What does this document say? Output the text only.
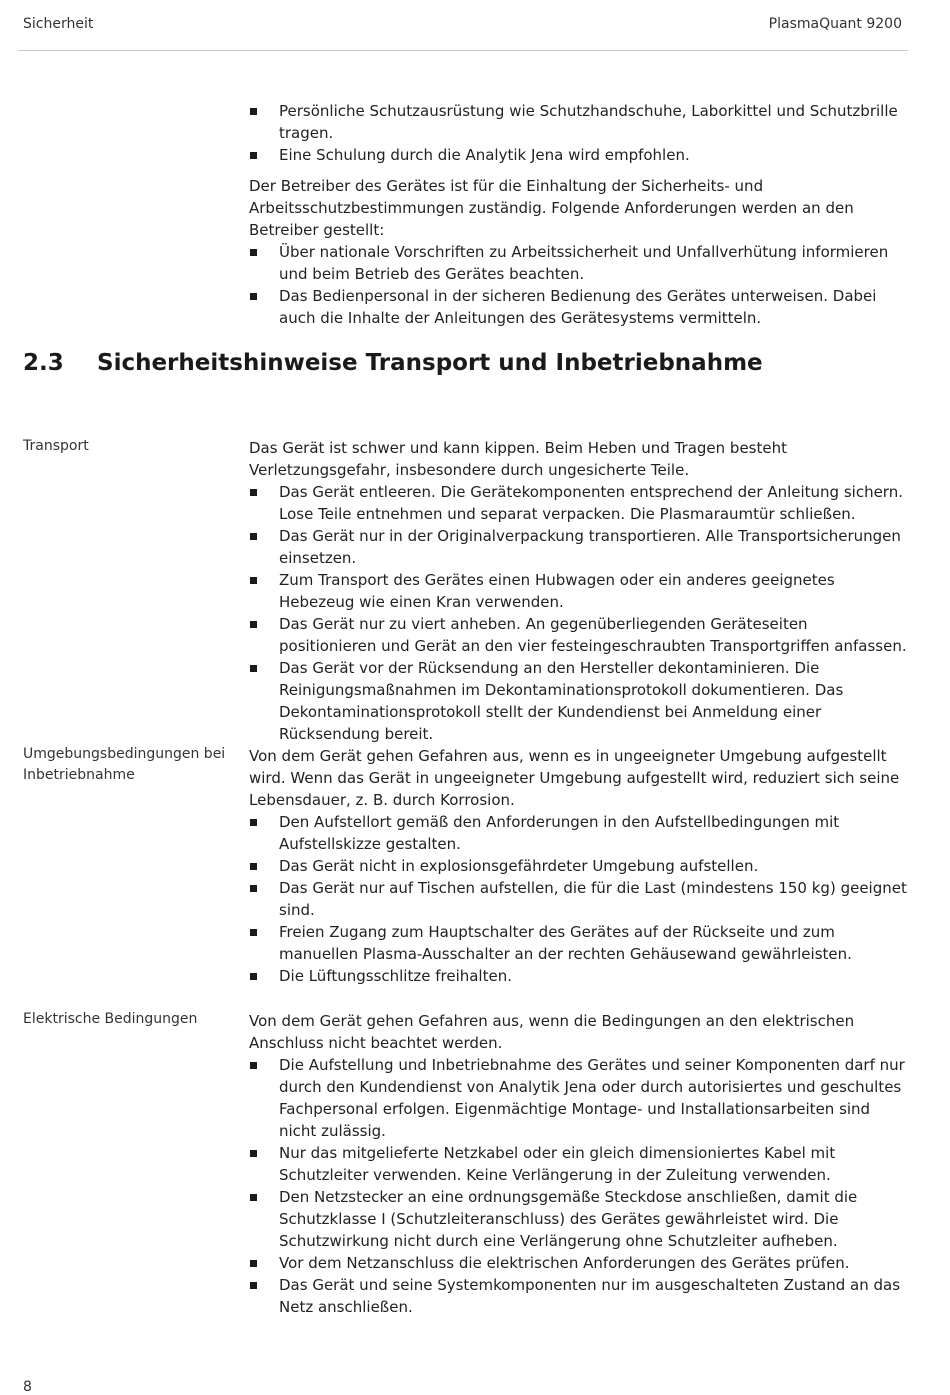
Sicherheit	PlasmaQuant 9200
Persönliche Schutzausrüstung wie Schutzhandschuhe, Laborkittel und Schutzbrille tragen.
Eine Schulung durch die Analytik Jena wird empfohlen.

Der Betreiber des Gerätes ist für die Einhaltung der Sicherheits- und Arbeitsschutzbestimmungen zuständig. Folgende Anforderungen werden an den Betreiber gestellt:

Über nationale Vorschriften zu Arbeitssicherheit und Unfallverhütung informieren und beim Betrieb des Gerätes beachten.
Das Bedienpersonal in der sicheren Bedienung des Gerätes unterweisen. Dabei auch die Inhalte der Anleitungen des Gerätesystems vermitteln.
2.3 Sicherheitshinweise Transport und Inbetriebnahme
Transport	Das Gerät ist schwer und kann kippen. Beim Heben und Tragen besteht Verletzungsgefahr, insbesondere durch ungesicherte Teile.

Das Gerät entleeren. Die Gerätekomponenten entsprechend der Anleitung sichern. Lose Teile entnehmen und separat verpacken. Die Plasmaraumtür schließen.
Das Gerät nur in der Originalverpackung transportieren. Alle Transportsicherungen einsetzen.
Zum Transport des Gerätes einen Hubwagen oder ein anderes geeignetes Hebezeug wie einen Kran verwenden.
Das Gerät nur zu viert anheben. An gegenüberliegenden Geräteseiten positionieren und Gerät an den vier festeingeschraubten Transportgriffen anfassen.
Das Gerät vor der Rücksendung an den Hersteller dekontaminieren. Die Reinigungsmaßnahmen im Dekontaminationsprotokoll dokumentieren. Das Dekontaminationsprotokoll stellt der Kundendienst bei Anmeldung einer Rücksendung bereit.
Umgebungsbedingungen bei Inbetriebnahme

Von dem Gerät gehen Gefahren aus, wenn es in ungeeigneter Umgebung aufgestellt wird. Wenn das Gerät in ungeeigneter Umgebung aufgestellt wird, reduziert sich seine Lebensdauer, z. B. durch Korrosion.

Den Aufstellort gemäß den Anforderungen in den Aufstellbedingungen mit Aufstellskizze gestalten.
Das Gerät nicht in explosionsgefährdeter Umgebung aufstellen.
Das Gerät nur auf Tischen aufstellen, die für die Last (mindestens 150 kg) geeignet sind.
Freien Zugang zum Hauptschalter des Gerätes auf der Rückseite und zum manuellen Plasma-Ausschalter an der rechten Gehäusewand gewährleisten.
Die Lüftungsschlitze freihalten.
Elektrische Bedingungen	Von dem Gerät gehen Gefahren aus, wenn die Bedingungen an den elektrischen Anschluss nicht beachtet werden.

Die Aufstellung und Inbetriebnahme des Gerätes und seiner Komponenten darf nur durch den Kundendienst von Analytik Jena oder durch autorisiertes und geschultes Fachpersonal erfolgen. Eigenmächtige Montage- und Installationsarbeiten sind nicht zulässig.
Nur das mitgelieferte Netzkabel oder ein gleich dimensioniertes Kabel mit Schutzleiter verwenden. Keine Verlängerung in der Zuleitung verwenden.
Den Netzstecker an eine ordnungsgemäße Steckdose anschließen, damit die Schutzklasse I (Schutzleiteranschluss) des Gerätes gewährleistet wird. Die Schutzwirkung nicht durch eine Verlängerung ohne Schutzleiter aufheben.
Vor dem Netzanschluss die elektrischen Anforderungen des Gerätes prüfen.
Das Gerät und seine Systemkomponenten nur im ausgeschalteten Zustand an das Netz anschließen.
8
